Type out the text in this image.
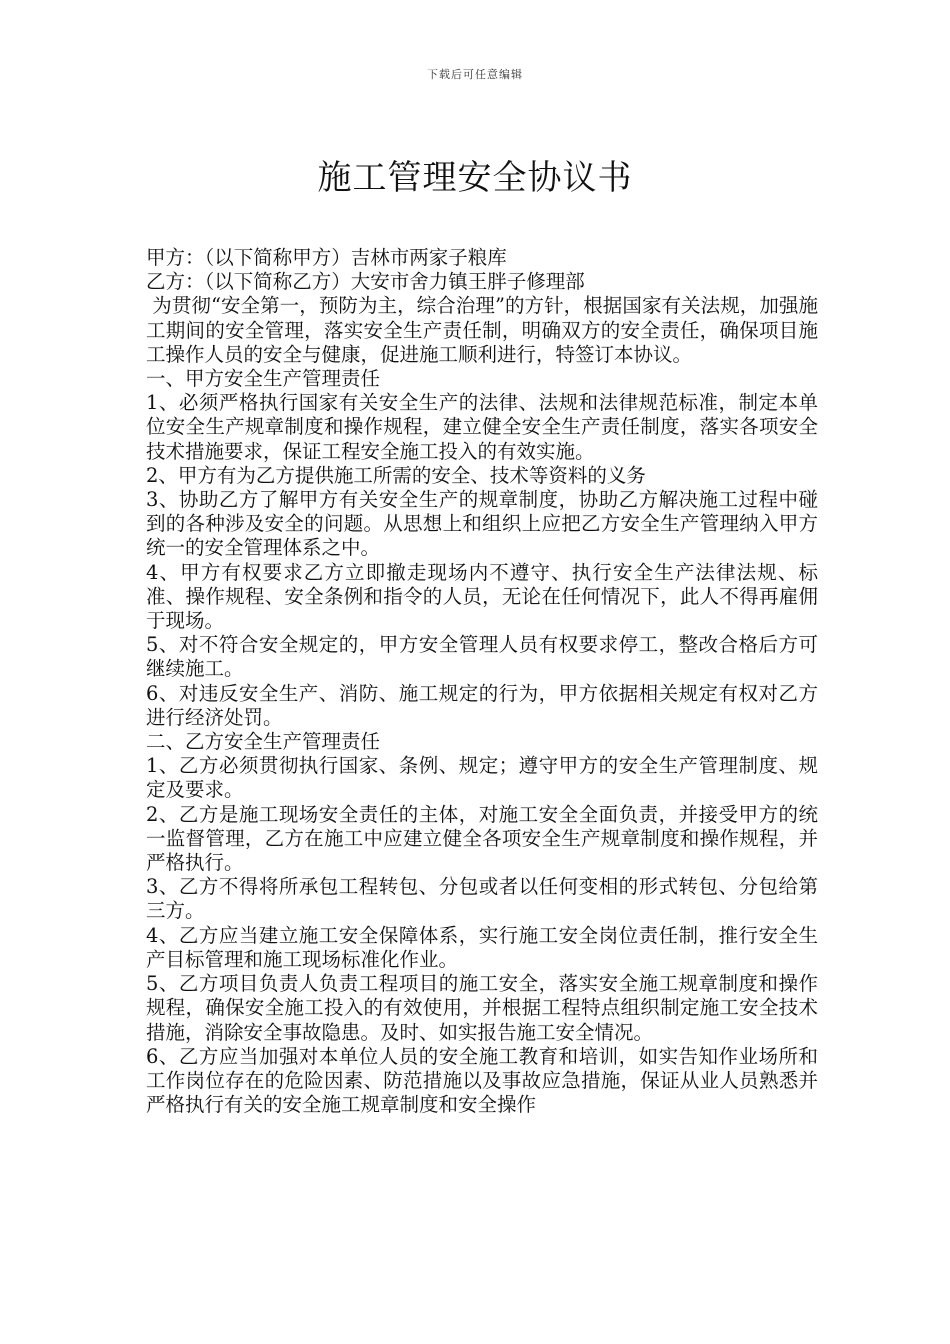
下载后可任意编辑
施工管理安全协议书

甲方：（以下简称甲方）吉林市两家子粮库

乙方：（以下简称乙方）大安市舍力镇王胖子修理部

为贯彻“安全第一，预防为主，综合治理”的方针，根据国家有关法规，加强施工期间的安全管理，落实安全生产责任制，明确双方的安全责任，确保项目施工操作人员的安全与健康，促进施工顺利进行，特签订本协议。

一、甲方安全生产管理责任

1、必须严格执行国家有关安全生产的法律、法规和法律规范标准，制定本单位安全生产规章制度和操作规程，建立健全安全生产责任制度，落实各项安全技术措施要求，保证工程安全施工投入的有效实施。

2、甲方有为乙方提供施工所需的安全、技术等资料的义务

3、协助乙方了解甲方有关安全生产的规章制度，协助乙方解决施工过程中碰到的各种涉及安全的问题。从思想上和组织上应把乙方安全生产管理纳入甲方统一的安全管理体系之中。

4、甲方有权要求乙方立即撤走现场内不遵守、执行安全生产法律法规、标准、操作规程、安全条例和指令的人员，无论在任何情况下，此人不得再雇佣于现场。

5、对不符合安全规定的，甲方安全管理人员有权要求停工，整改合格后方可继续施工。

6、对违反安全生产、消防、施工规定的行为，甲方依据相关规定有权对乙方进行经济处罚。

二、乙方安全生产管理责任

1、乙方必须贯彻执行国家、条例、规定；遵守甲方的安全生产管理制度、规定及要求。

2、乙方是施工现场安全责任的主体，对施工安全全面负责，并接受甲方的统一监督管理，乙方在施工中应建立健全各项安全生产规章制度和操作规程，并严格执行。

3、乙方不得将所承包工程转包、分包或者以任何变相的形式转包、分包给第三方。

4、乙方应当建立施工安全保障体系，实行施工安全岗位责任制，推行安全生产目标管理和施工现场标准化作业。

5、乙方项目负责人负责工程项目的施工安全，落实安全施工规章制度和操作规程，确保安全施工投入的有效使用，并根据工程特点组织制定施工安全技术措施，消除安全事故隐患。及时、如实报告施工安全情况。

6、乙方应当加强对本单位人员的安全施工教育和培训，如实告知作业场所和工作岗位存在的危险因素、防范措施以及事故应急措施，保证从业人员熟悉并严格执行有关的安全施工规章制度和安全操作
